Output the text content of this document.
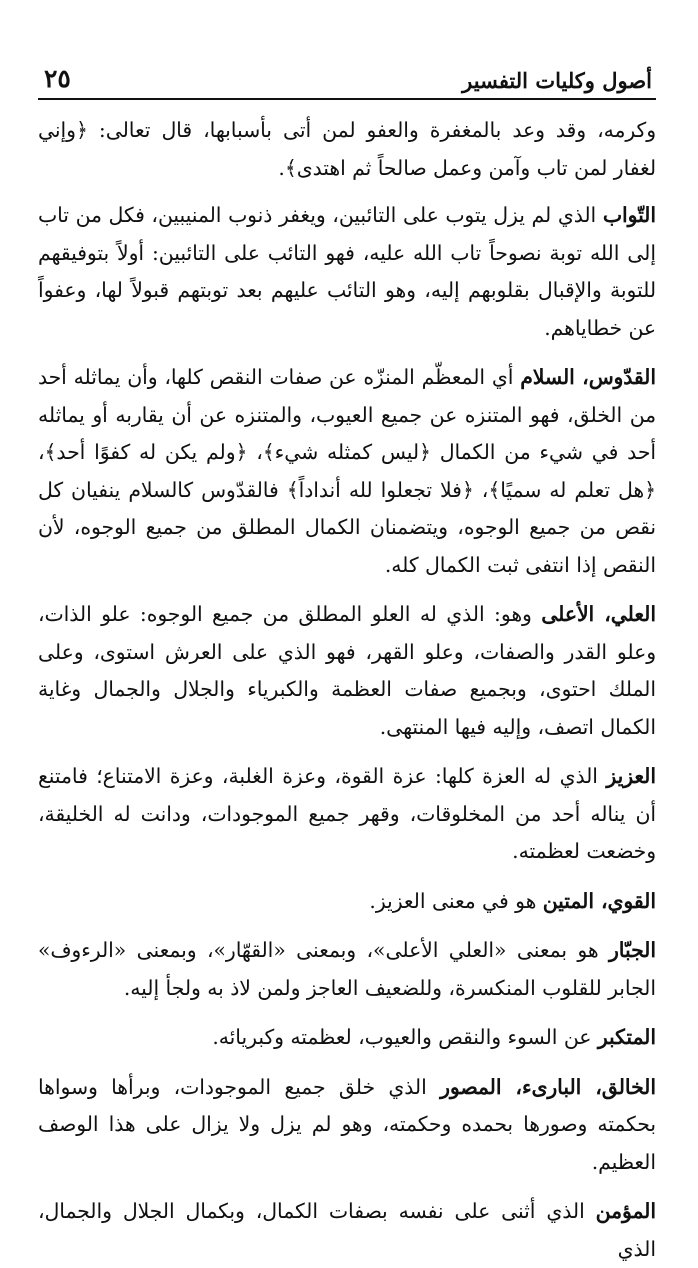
أصول وكليات التفسير
٢٥

وكرمه، وقد وعد بالمغفرة والعفو لمن أتى بأسبابها، قال تعالى: ﴿وإني لغفار لمن تاب وآمن وعمل صالحاً ثم اهتدى﴾.

التّواب الذي لم يزل يتوب على التائبين، ويغفر ذنوب المنيبين، فكل من تاب إلى الله توبة نصوحاً تاب الله عليه، فهو التائب على التائبين: أولاً بتوفيقهم للتوبة والإقبال بقلوبهم إليه، وهو التائب عليهم بعد توبتهم قبولاً لها، وعفواً عن خطاياهم.

القدّوس، السلام أي المعظّم المنزّه عن صفات النقص كلها، وأن يماثله أحد من الخلق، فهو المتنزه عن جميع العيوب، والمتنزه عن أن يقاربه أو يماثله أحد في شيء من الكمال ﴿ليس كمثله شيء﴾، ﴿ولم يكن له كفوًا أحد﴾، ﴿هل تعلم له سميًا﴾، ﴿فلا تجعلوا لله أنداداً﴾ فالقدّوس كالسلام ينفيان كل نقص من جميع الوجوه، ويتضمنان الكمال المطلق من جميع الوجوه، لأن النقص إذا انتفى ثبت الكمال كله.

العلي، الأعلى وهو: الذي له العلو المطلق من جميع الوجوه: علو الذات، وعلو القدر والصفات، وعلو القهر، فهو الذي على العرش استوى، وعلى الملك احتوى، وبجميع صفات العظمة والكبرياء والجلال والجمال وغاية الكمال اتصف، وإليه فيها المنتهى.

العزيز الذي له العزة كلها: عزة القوة، وعزة الغلبة، وعزة الامتناع؛ فامتنع أن يناله أحد من المخلوقات، وقهر جميع الموجودات، ودانت له الخليقة، وخضعت لعظمته.

القوي، المتين هو في معنى العزيز.

الجبّار هو بمعنى «العلي الأعلى»، وبمعنى «القهّار»، وبمعنى «الرءوف» الجابر للقلوب المنكسرة، وللضعيف العاجز ولمن لاذ به ولجأ إليه.

المتكبر عن السوء والنقص والعيوب، لعظمته وكبريائه.

الخالق، البارىء، المصور الذي خلق جميع الموجودات، وبرأها وسواها بحكمته وصورها بحمده وحكمته، وهو لم يزل ولا يزال على هذا الوصف العظيم.

المؤمن الذي أثنى على نفسه بصفات الكمال، وبكمال الجلال والجمال، الذي
